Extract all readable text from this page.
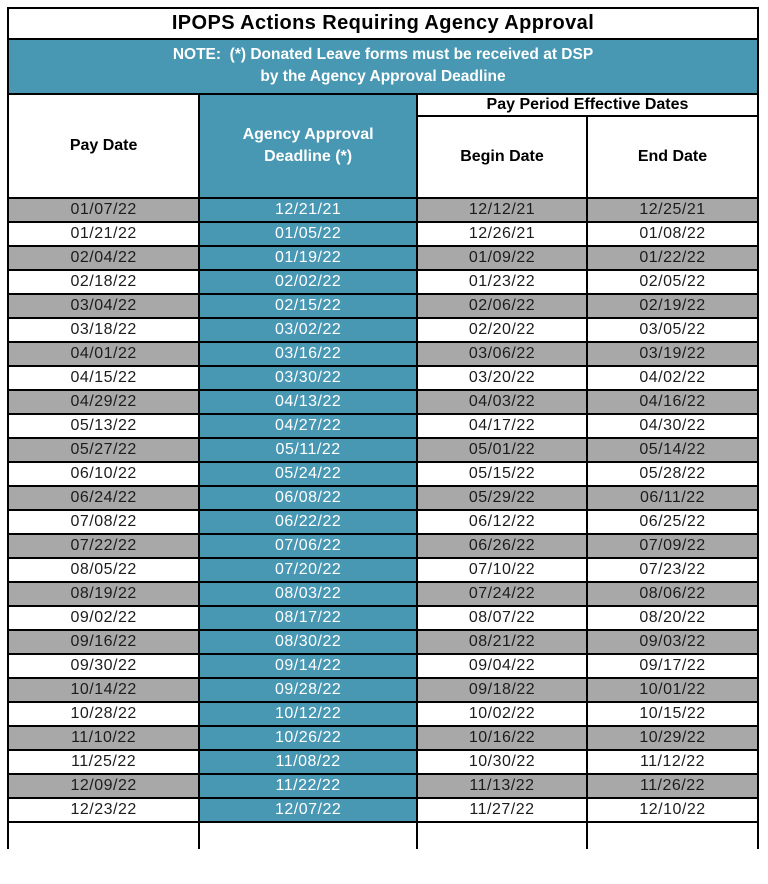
IPOPS Actions Requiring Agency Approval
NOTE:  (*) Donated Leave forms must be received at DSP
by the Agency Approval Deadline
Pay Date	Agency Approval Deadline (*)	Pay Period Effective Dates	
		Begin Date	End Date
01/07/22	12/21/21	12/12/21	12/25/21
01/21/22	01/05/22	12/26/21	01/08/22
02/04/22	01/19/22	01/09/22	01/22/22
02/18/22	02/02/22	01/23/22	02/05/22
03/04/22	02/15/22	02/06/22	02/19/22
03/18/22	03/02/22	02/20/22	03/05/22
04/01/22	03/16/22	03/06/22	03/19/22
04/15/22	03/30/22	03/20/22	04/02/22
04/29/22	04/13/22	04/03/22	04/16/22
05/13/22	04/27/22	04/17/22	04/30/22
05/27/22	05/11/22	05/01/22	05/14/22
06/10/22	05/24/22	05/15/22	05/28/22
06/24/22	06/08/22	05/29/22	06/11/22
07/08/22	06/22/22	06/12/22	06/25/22
07/22/22	07/06/22	06/26/22	07/09/22
08/05/22	07/20/22	07/10/22	07/23/22
08/19/22	08/03/22	07/24/22	08/06/22
09/02/22	08/17/22	08/07/22	08/20/22
09/16/22	08/30/22	08/21/22	09/03/22
09/30/22	09/14/22	09/04/22	09/17/22
10/14/22	09/28/22	09/18/22	10/01/22
10/28/22	10/12/22	10/02/22	10/15/22
11/10/22	10/26/22	10/16/22	10/29/22
11/25/22	11/08/22	10/30/22	11/12/22
12/09/22	11/22/22	11/13/22	11/26/22
12/23/22	12/07/22	11/27/22	12/10/22
